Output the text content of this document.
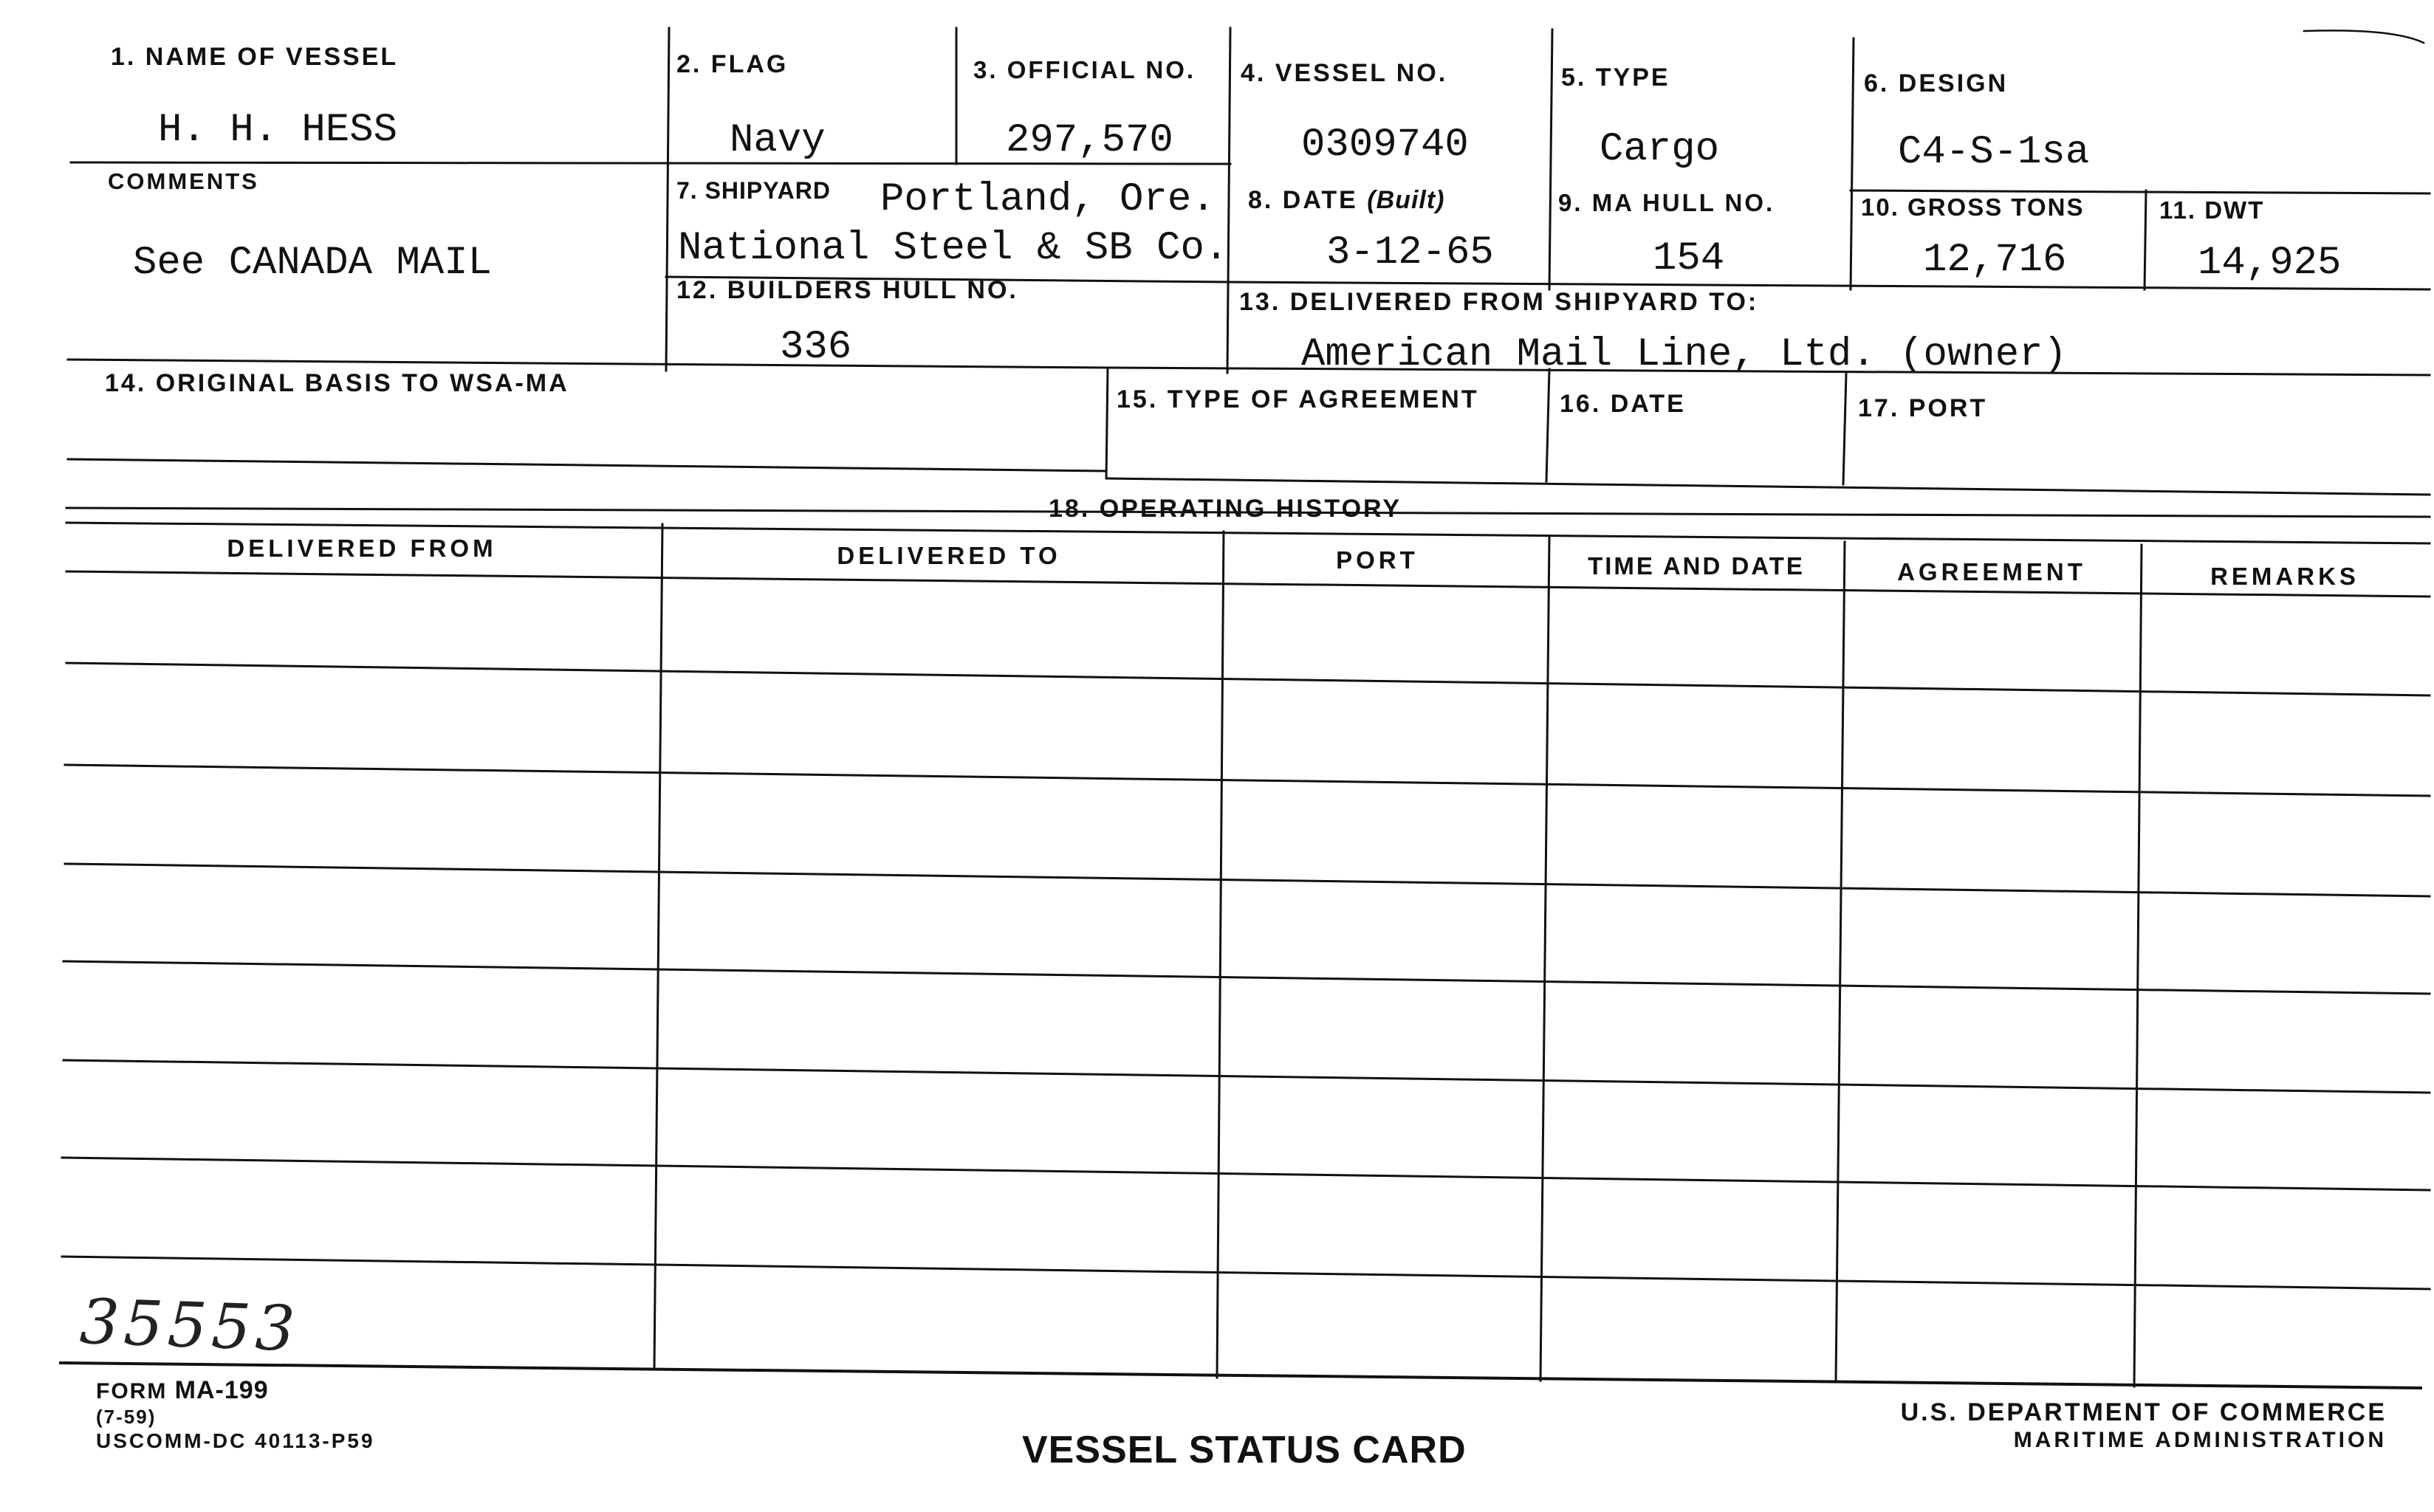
1. NAME OF VESSEL
H. H. HESS
2. FLAG
Navy
3. OFFICIAL NO.
297,570
4. VESSEL NO.
0309740
5. TYPE
Cargo
6. DESIGN
C4-S-1sa
COMMENTS
See CANADA MAIL
7. SHIPYARD Portland, Ore.
National Steel & SB Co.
8. DATE (Built)
3-12-65
9. MA HULL NO.
154
10. GROSS TONS
12,716
11. DWT
14,925
12. BUILDERS HULL NO.
336
13. DELIVERED FROM SHIPYARD TO:
American Mail Line, Ltd. (owner)
14. ORIGINAL BASIS TO WSA-MA
15. TYPE OF AGREEMENT	16. DATE	17. PORT
18. OPERATING HISTORY
DELIVERED FROM	DELIVERED TO	PORT	TIME AND DATE	AGREEMENT	REMARKS
35553
FORM MA-199
(7-59)
USCOMM-DC 40113-P59	VESSEL STATUS CARD
U.S. DEPARTMENT OF COMMERCE
MARITIME ADMINISTRATION
